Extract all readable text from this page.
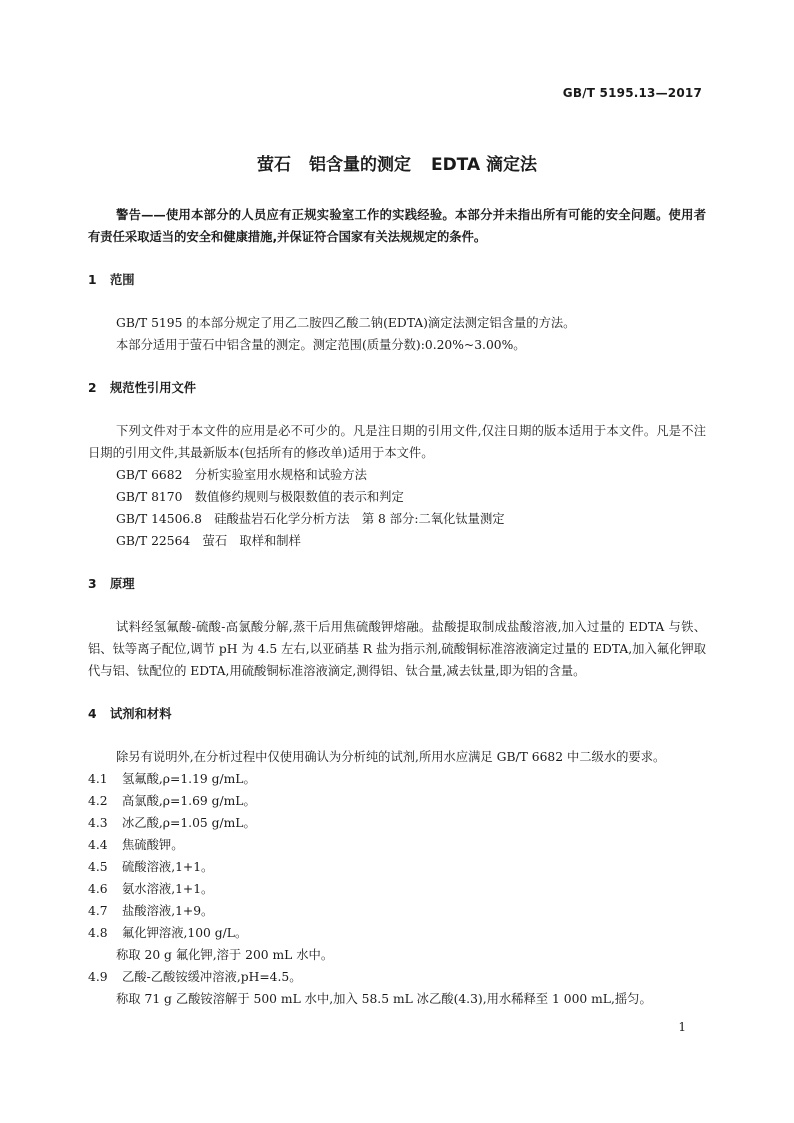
GB/T 5195.13—2017
萤石 铝含量的测定 EDTA 滴定法

警告——使用本部分的人员应有正规实验室工作的实践经验。本部分并未指出所有可能的安全问题。使用者有责任采取适当的安全和健康措施,并保证符合国家有关法规规定的条件。

1 范围

GB/T 5195 的本部分规定了用乙二胺四乙酸二钠(EDTA)滴定法测定铝含量的方法。

本部分适用于萤石中铝含量的测定。测定范围(质量分数):0.20%~3.00%。

2 规范性引用文件

下列文件对于本文件的应用是必不可少的。凡是注日期的引用文件,仅注日期的版本适用于本文件。凡是不注日期的引用文件,其最新版本(包括所有的修改单)适用于本文件。

GB/T 6682　分析实验室用水规格和试验方法

GB/T 8170　数值修约规则与极限数值的表示和判定

GB/T 14506.8　硅酸盐岩石化学分析方法　第 8 部分:二氧化钛量测定

GB/T 22564　萤石　取样和制样

3 原理

试料经氢氟酸-硫酸-高氯酸分解,蒸干后用焦硫酸钾熔融。盐酸提取制成盐酸溶液,加入过量的 EDTA 与铁、铝、钛等离子配位,调节 pH 为 4.5 左右,以亚硝基 R 盐为指示剂,硫酸铜标准溶液滴定过量的 EDTA,加入氟化钾取代与铝、钛配位的 EDTA,用硫酸铜标准溶液滴定,测得铝、钛合量,减去钛量,即为铝的含量。

4 试剂和材料

除另有说明外,在分析过程中仅使用确认为分析纯的试剂,所用水应满足 GB/T 6682 中二级水的要求。

4.1 氢氟酸,ρ=1.19 g/mL。

4.2 高氯酸,ρ=1.69 g/mL。

4.3 冰乙酸,ρ=1.05 g/mL。

4.4 焦硫酸钾。

4.5 硫酸溶液,1+1。

4.6 氨水溶液,1+1。

4.7 盐酸溶液,1+9。

4.8 氟化钾溶液,100 g/L。

称取 20 g 氟化钾,溶于 200 mL 水中。

4.9 乙酸-乙酸铵缓冲溶液,pH=4.5。

称取 71 g 乙酸铵溶解于 500 mL 水中,加入 58.5 mL 冰乙酸(4.3),用水稀释至 1 000 mL,摇匀。

1
